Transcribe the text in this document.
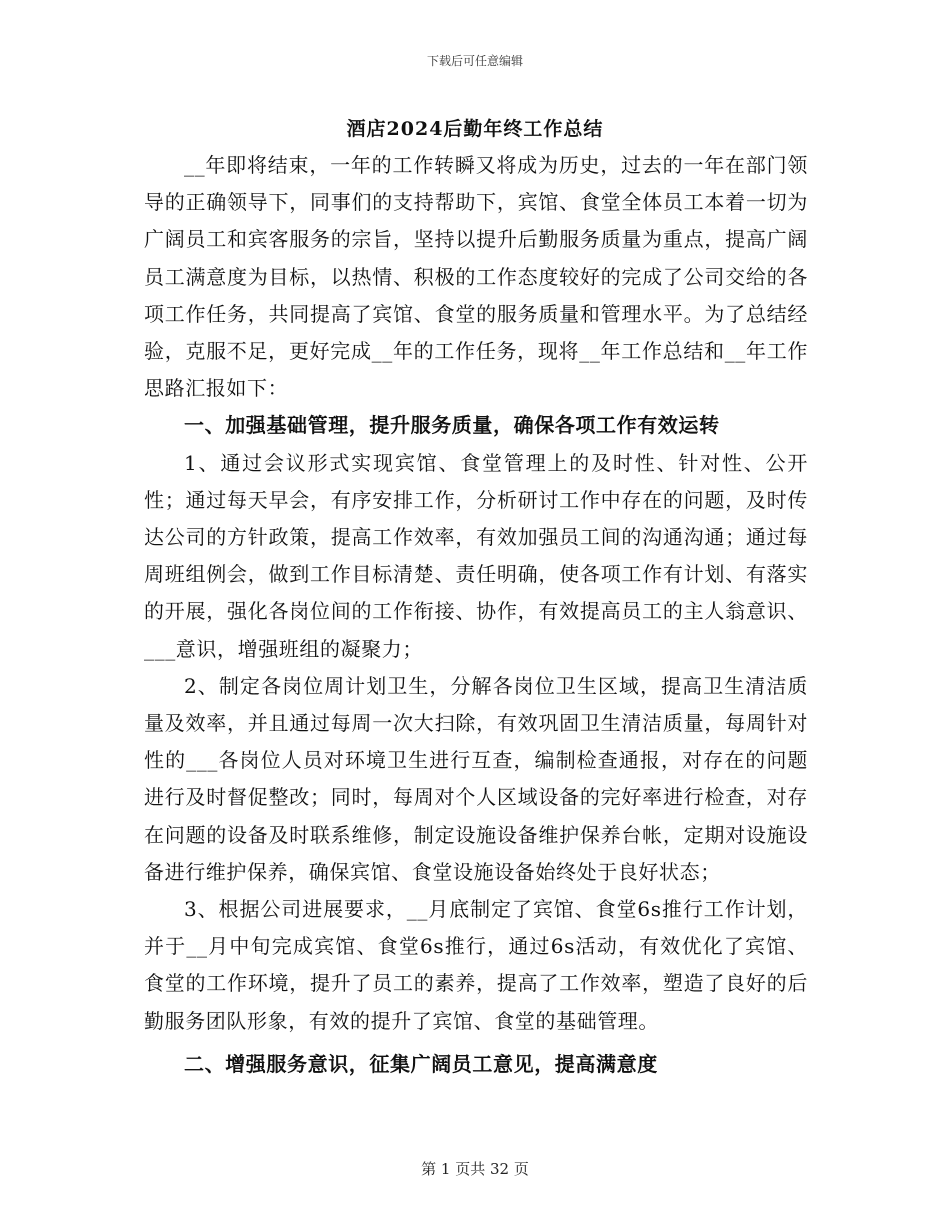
下载后可任意编辑
酒店2024后勤年终工作总结

__年即将结束，一年的工作转瞬又将成为历史，过去的一年在部门领导的正确领导下，同事们的支持帮助下，宾馆、食堂全体员工本着一切为广阔员工和宾客服务的宗旨，坚持以提升后勤服务质量为重点，提高广阔员工满意度为目标，以热情、积极的工作态度较好的完成了公司交给的各项工作任务，共同提高了宾馆、食堂的服务质量和管理水平。为了总结经验，克服不足，更好完成__年的工作任务，现将__年工作总结和__年工作思路汇报如下：

一、加强基础管理，提升服务质量，确保各项工作有效运转

1、通过会议形式实现宾馆、食堂管理上的及时性、针对性、公开性；通过每天早会，有序安排工作，分析研讨工作中存在的问题，及时传达公司的方针政策，提高工作效率，有效加强员工间的沟通沟通；通过每周班组例会，做到工作目标清楚、责任明确，使各项工作有计划、有落实的开展，强化各岗位间的工作衔接、协作，有效提高员工的主人翁意识、___意识，增强班组的凝聚力；

2、制定各岗位周计划卫生，分解各岗位卫生区域，提高卫生清洁质量及效率，并且通过每周一次大扫除，有效巩固卫生清洁质量，每周针对性的___各岗位人员对环境卫生进行互查，编制检查通报，对存在的问题进行及时督促整改；同时，每周对个人区域设备的完好率进行检查，对存在问题的设备及时联系维修，制定设施设备维护保养台帐，定期对设施设备进行维护保养，确保宾馆、食堂设施设备始终处于良好状态；

3、根据公司进展要求，__月底制定了宾馆、食堂6s推行工作计划，并于__月中旬完成宾馆、食堂6s推行，通过6s活动，有效优化了宾馆、食堂的工作环境，提升了员工的素养，提高了工作效率，塑造了良好的后勤服务团队形象，有效的提升了宾馆、食堂的基础管理。

二、增强服务意识，征集广阔员工意见，提高满意度
第 1 页共 32 页
